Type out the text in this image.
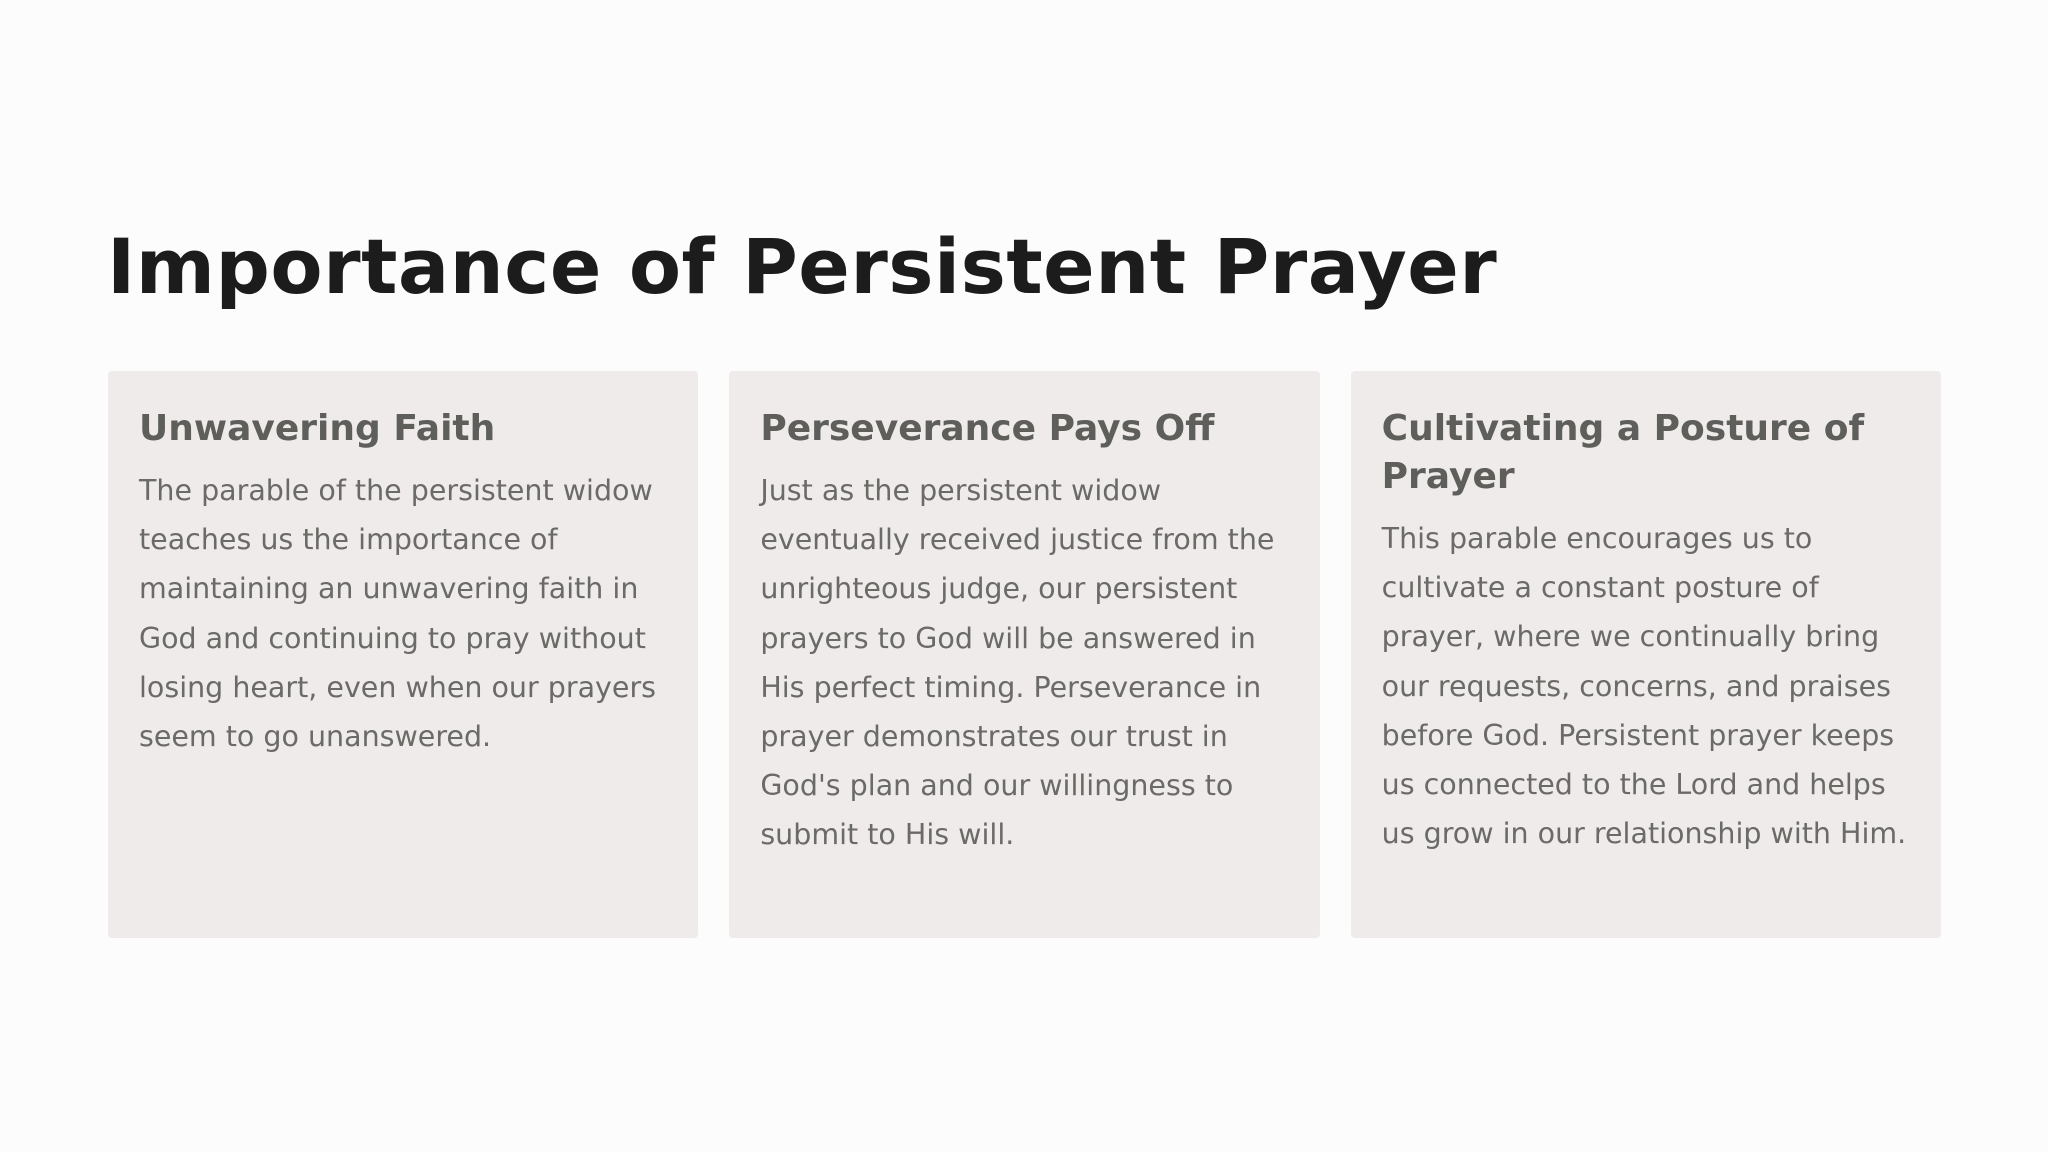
Importance of Persistent Prayer
Unwavering Faith

The parable of the persistent widow teaches us the importance of maintaining an unwavering faith in God and continuing to pray without losing heart, even when our prayers seem to go unanswered.

Perseverance Pays Off

Just as the persistent widow eventually received justice from the unrighteous judge, our persistent prayers to God will be answered in His perfect timing. Perseverance in prayer demonstrates our trust in God's plan and our willingness to submit to His will.

Cultivating a Posture of Prayer

This parable encourages us to cultivate a constant posture of prayer, where we continually bring our requests, concerns, and praises before God. Persistent prayer keeps us connected to the Lord and helps us grow in our relationship with Him.
